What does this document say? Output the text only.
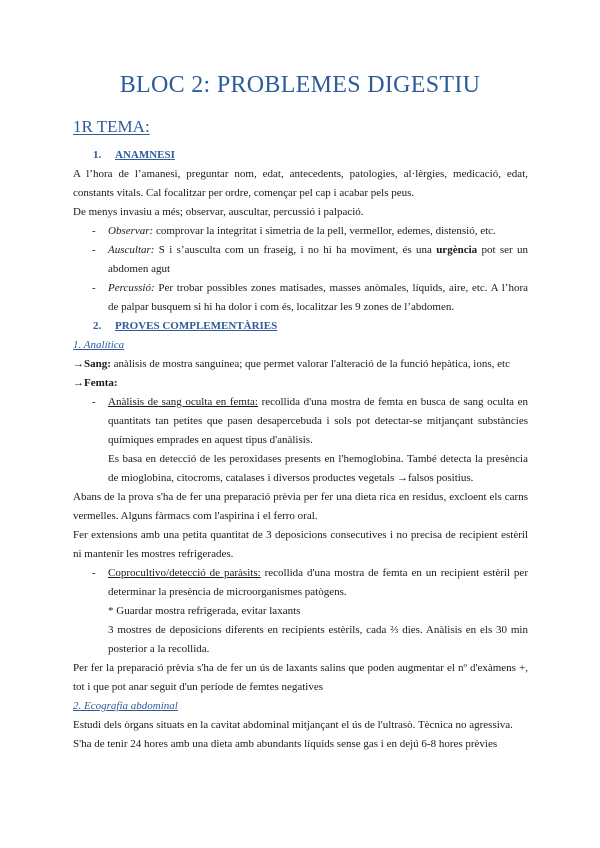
BLOC 2: PROBLEMES DIGESTIU
1R TEMA:
1.	ANAMNESI

A l’hora de l’amanesi, preguntar nom, edat, antecedents, patologies, al·lèrgies, medicació, edat, constants vitals. Cal focalitzar per ordre, començar pel cap i acabar pels peus.

De menys invasiu a més; observar, auscultar, percussió i palpació.

-	Observar: comprovar la integritat i simetria de la pell, vermellor, edemes, distensió, etc.
-	Auscultar: S i s’ausculta com un fraseig, i no hi ha moviment, és una urgència pot ser un abdomen agut
-	Percussió: Per trobar possibles zones matisades, masses anòmales, líquids, aire, etc. A l’hora de palpar busquem si hi ha dolor i com és, localitzar les 9 zones de l’abdomen.
2.	PROVES COMPLEMENTÀRIES
1. Analítica

→Sang: anàlisis de mostra sanguínea; que permet valorar l'alteració de la funció hepàtica, ions, etc

→Femta:

-	Anàlisis de sang oculta en femta: recollida d'una mostra de femta en busca de sang oculta en quantitats tan petites que pasen desapercebuda i sols pot detectar-se mitjançant substàncies químiques emprades en aquest tipus d'anàlisis.

Es basa en detecció de les peroxidases presents en l'hemoglobina. També detecta la presència de mioglobina, citocroms, catalases i diversos productes vegetals →falsos positius.

Abans de la prova s'ha de fer una preparació prèvia per fer una dieta rica en residus, excloent els carns vermelles. Alguns fàrmacs com l'aspirina i el ferro oral.

Fer extensions amb una petita quantitat de 3 deposicions consecutives i no precisa de recipient estèril ni mantenir les mostres refrigerades.

-	Coprocultivo/detecció de paràsits: recollida d'una mostra de femta en un recipient estèril per determinar la presència de microorganismes patògens.

* Guardar mostra refrigerada, evitar laxants

3 mostres de deposicions diferents en recipients estèrils, cada ⅔ dies. Anàlisis en els 30 min posterior a la recollida.

Per fer la preparació prèvia s'ha de fer un ús de laxants salins que poden augmentar el nº d'exàmens +, tot i que pot anar seguit d'un període de femtes negatives

2. Ecografia abdominal

Estudi dels òrgans situats en la cavitat abdominal mitjançant el ús de l'ultrasò. Tècnica no agressiva.

S'ha de tenir 24 hores amb una dieta amb abundants líquids sense gas i en dejú 6-8 hores prèvies
